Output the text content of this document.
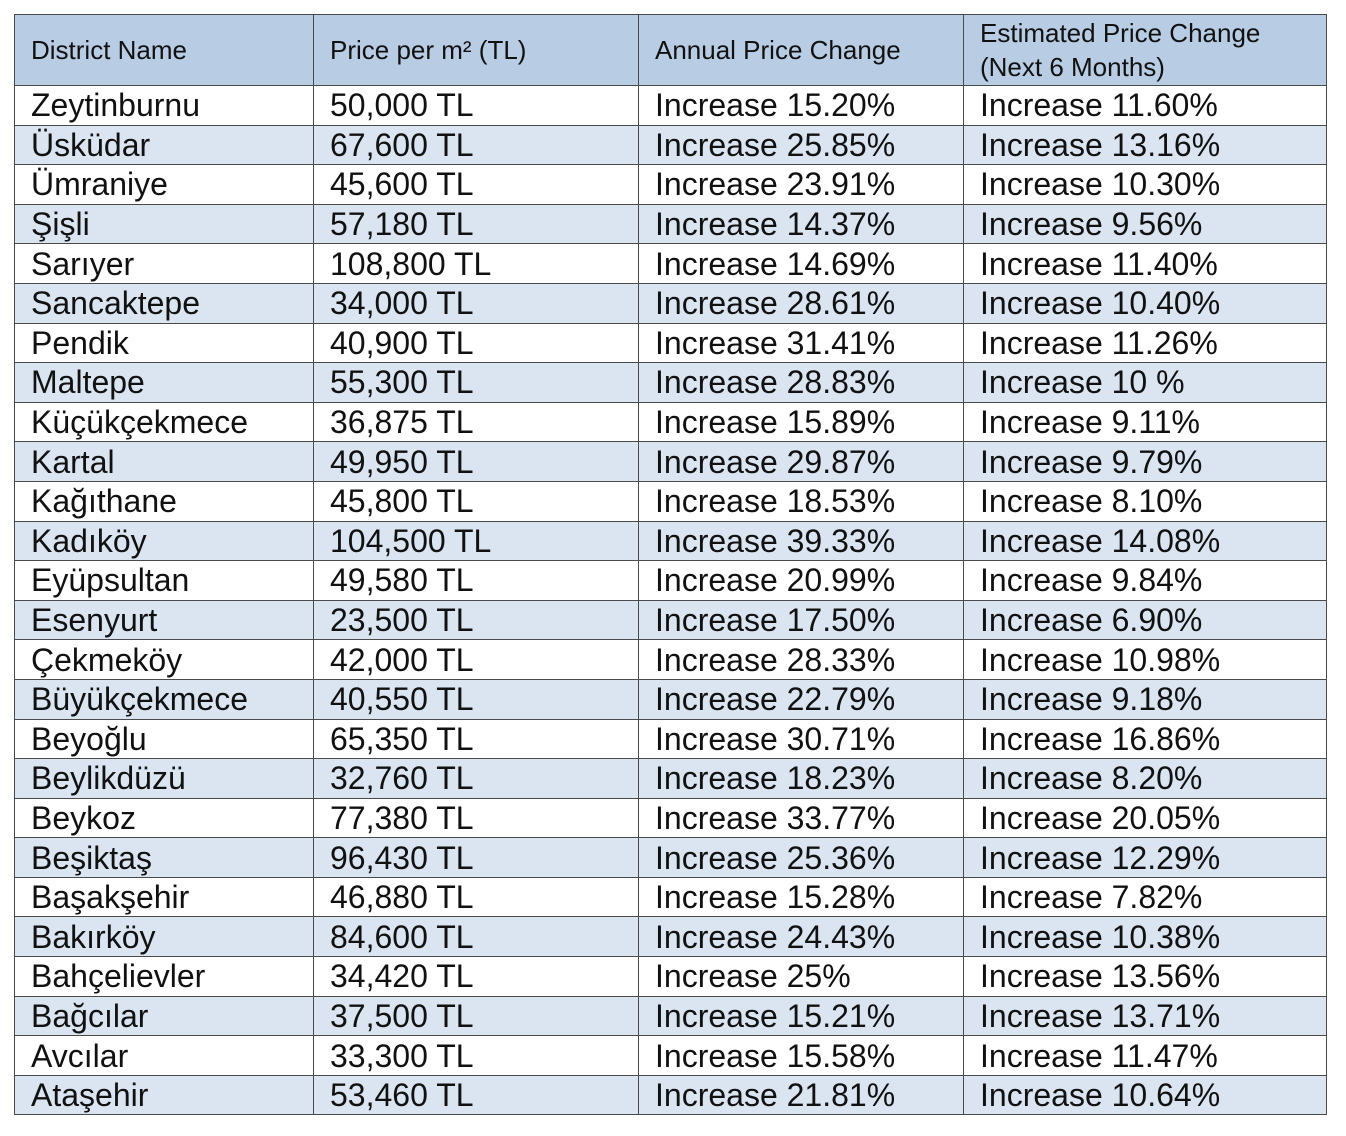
District Name	Price per m² (TL)	Annual Price Change	Estimated Price Change (Next 6 Months)
Zeytinburnu	50,000 TL	Increase 15.20%	Increase 11.60%
Üsküdar	67,600 TL	Increase 25.85%	Increase 13.16%
Ümraniye	45,600 TL	Increase 23.91%	Increase 10.30%
Şişli	57,180 TL	Increase 14.37%	Increase 9.56%
Sarıyer	108,800 TL	Increase 14.69%	Increase 11.40%
Sancaktepe	34,000 TL	Increase 28.61%	Increase 10.40%
Pendik	40,900 TL	Increase 31.41%	Increase 11.26%
Maltepe	55,300 TL	Increase 28.83%	Increase 10 %
Küçükçekmece	36,875 TL	Increase 15.89%	Increase 9.11%
Kartal	49,950 TL	Increase 29.87%	Increase 9.79%
Kağıthane	45,800 TL	Increase 18.53%	Increase 8.10%
Kadıköy	104,500 TL	Increase 39.33%	Increase 14.08%
Eyüpsultan	49,580 TL	Increase 20.99%	Increase 9.84%
Esenyurt	23,500 TL	Increase 17.50%	Increase 6.90%
Çekmeköy	42,000 TL	Increase 28.33%	Increase 10.98%
Büyükçekmece	40,550 TL	Increase 22.79%	Increase 9.18%
Beyoğlu	65,350 TL	Increase 30.71%	Increase 16.86%
Beylikdüzü	32,760 TL	Increase 18.23%	Increase 8.20%
Beykoz	77,380 TL	Increase 33.77%	Increase 20.05%
Beşiktaş	96,430 TL	Increase 25.36%	Increase 12.29%
Başakşehir	46,880 TL	Increase 15.28%	Increase 7.82%
Bakırköy	84,600 TL	Increase 24.43%	Increase 10.38%
Bahçelievler	34,420 TL	Increase 25%	Increase 13.56%
Bağcılar	37,500 TL	Increase 15.21%	Increase 13.71%
Avcılar	33,300 TL	Increase 15.58%	Increase 11.47%
Ataşehir	53,460 TL	Increase 21.81%	Increase 10.64%
